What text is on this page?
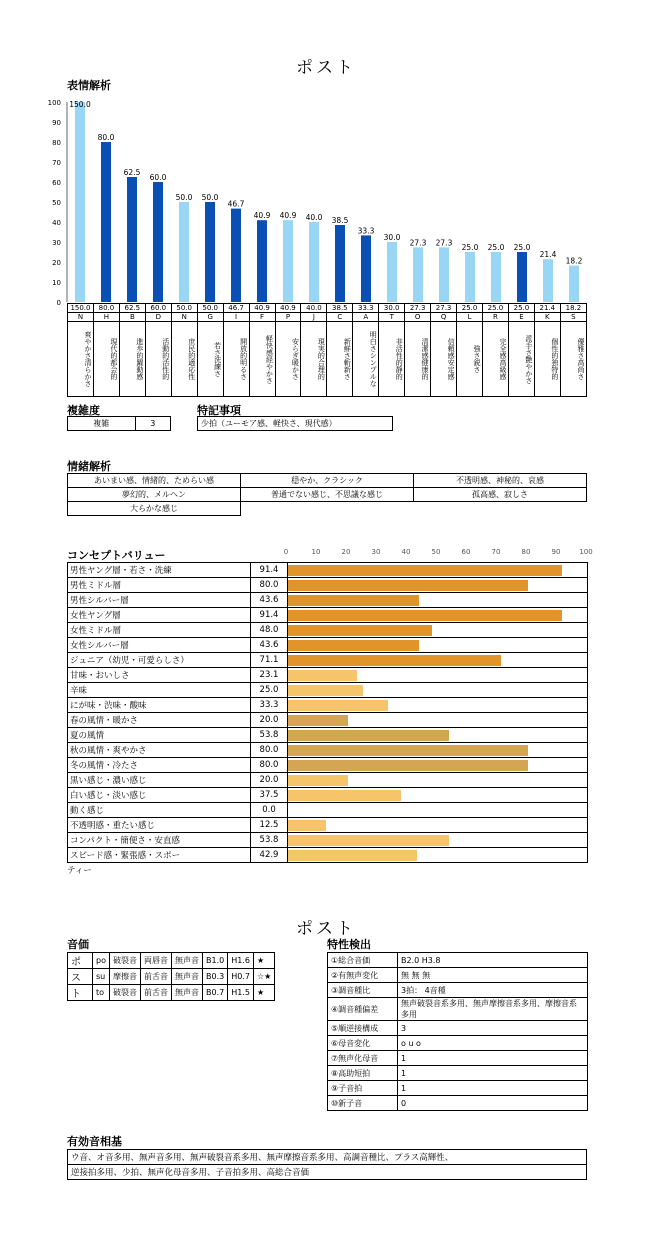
ポスト
表情解析
0
10
20
30
40
50
60
70
80
90
100 150.0
80.0
62.5
60.0
50.0 50.0
46.7
40.9 40.9 40.0 38.5
33.3
30.0
27.3 27.3
25.0 25.0 25.0
21.4
18.2
150.0	80.0	62.5	60.0	50.0	50.0	46.7	40.9	40.9	40.0	38.5	33.3	30.0	27.3	27.3	25.0	25.0	25.0	21.4	18.2
N	H	B	D	N	G	I	F	P	J	C	A	T	O	Q	L	R	E	K	S
爽やかさ清らかさ	現代的都会的	進歩的躍動感	活動的活性的	庶民的適応性	若さ洗練さ	開放的明るさ	軽快感経やかさ	安らぎ暖かさ	現実的合理的	新鮮さ斬新さ	明白さシンプルな	非活性的静的	清潔感健康的	信頼感安定感	強さ鋭さ	完全感高級感	派手さ艶やかさ	個性的独特的	優雅さ高尚さ
複雑度
複雑	3
特記事項
少拍（ユーモア感、軽快さ、現代感）
情緒解析
あいまい感、情緒的、ためらい感	穏やか、クラシック	不透明感、神秘的、哀感
夢幻的、メルヘン	普通でない感じ、不思議な感じ	孤高感、寂しさ
大らかな感じ		
コンセプトバリュー	0	10	20	30	40	50	60	70	80	90	100
男性ヤング層・若さ・洗練	91.4	

男性ミドル層	80.0	

男性シルバー層	43.6	

女性ヤング層	91.4	

女性ミドル層	48.0	

女性シルバー層	43.6	

ジュニア（幼児・可愛らしさ）	71.1	

甘味・おいしさ	23.1	

辛味	25.0	

にが味・渋味・酸味	33.3	

春の風情・暖かさ	20.0	

夏の風情	53.8	

秋の風情・爽やかさ	80.0	

冬の風情・冷たさ	80.0	

黒い感じ・濃い感じ	20.0	

白い感じ・淡い感じ	37.5	

動く感じ	0.0	

不透明感・重たい感じ	12.5	

コンパクト・簡便さ・安直感	53.8	

スピード感・緊張感・スポー	42.9	
ティー
ポスト
音価
ポ	po	破裂音	両唇音	無声音	B1.0	H1.6	★
ス	su	摩擦音	前舌音	無声音	B0.3	H0.7	☆★
ト	to	破裂音	前舌音	無声音	B0.7	H1.5	★
特性検出
①総合音価	B2.0 H3.8
②有無声変化	無 無 無
③調音種比	3拍： 4音種
④調音種偏差	無声破裂音系多用、無声摩擦音系多用、摩擦音系多用
⑤順逆接構成	3
⑥母音変化	o u o
⑦無声化母音	1
⑧高助短拍	1
⑨子音拍	1
⑩新子音	0
有効音相基
ウ音、オ音多用、無声音多用、無声破裂音系多用、無声摩擦音系多用、高調音種比、プラス高輝性、
逆接拍多用、少拍、無声化母音多用、子音拍多用、高総合音価
